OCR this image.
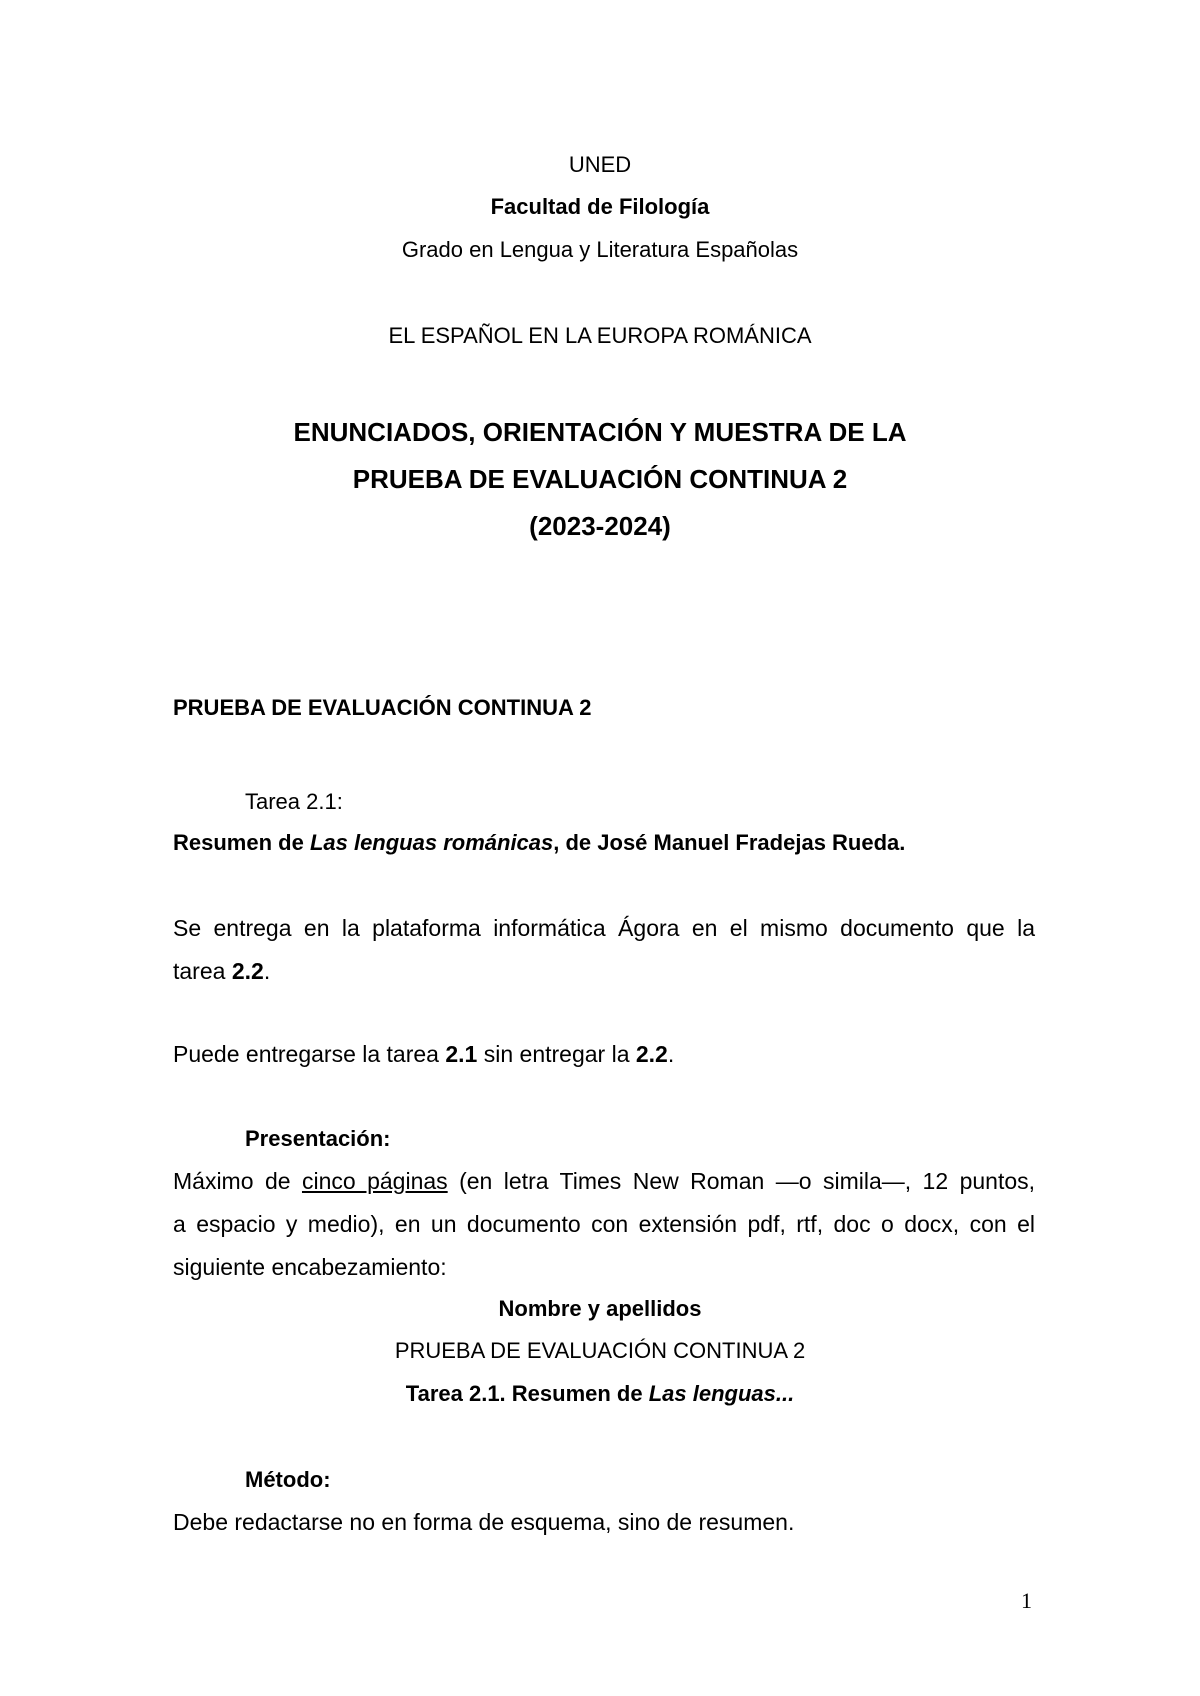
UNED
Facultad de Filología
Grado en Lengua y Literatura Españolas
EL ESPAÑOL EN LA EUROPA ROMÁNICA
ENUNCIADOS, ORIENTACIÓN Y MUESTRA DE LA
PRUEBA DE EVALUACIÓN CONTINUA 2
(2023-2024)
PRUEBA DE EVALUACIÓN CONTINUA 2
Tarea 2.1:
Resumen de Las lenguas románicas, de José Manuel Fradejas Rueda.
Se entrega en la plataforma informática Ágora en el mismo documento que la
tarea 2.2.
Puede entregarse la tarea 2.1 sin entregar la 2.2.
Presentación:
Máximo de cinco páginas (en letra Times New Roman —o simila—, 12 puntos,
a espacio y medio), en un documento con extensión pdf, rtf, doc o docx, con el
siguiente encabezamiento:
Nombre y apellidos
PRUEBA DE EVALUACIÓN CONTINUA 2
Tarea 2.1. Resumen de Las lenguas...
Método:
Debe redactarse no en forma de esquema, sino de resumen.
1
